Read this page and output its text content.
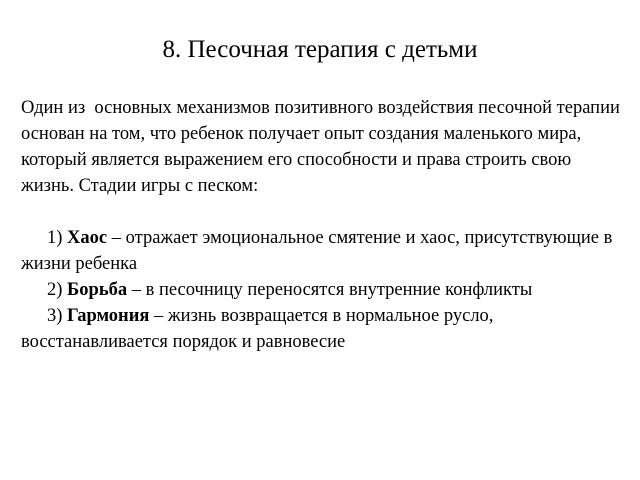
8. Песочная терапия с детьми

Один из  основных механизмов позитивного воздействия песочной терапии основан на том, что ребенок получает опыт создания маленького мира, который является выражением его способности и права строить свою жизнь. Стадии игры с песком:

1) Хаос – отражает эмоциональное смятение и хаос, присутствующие в жизни ребенка

2) Борьба – в песочницу переносятся внутренние конфликты

3) Гармония – жизнь возвращается в нормальное русло, восстанавливается порядок и равновесие
